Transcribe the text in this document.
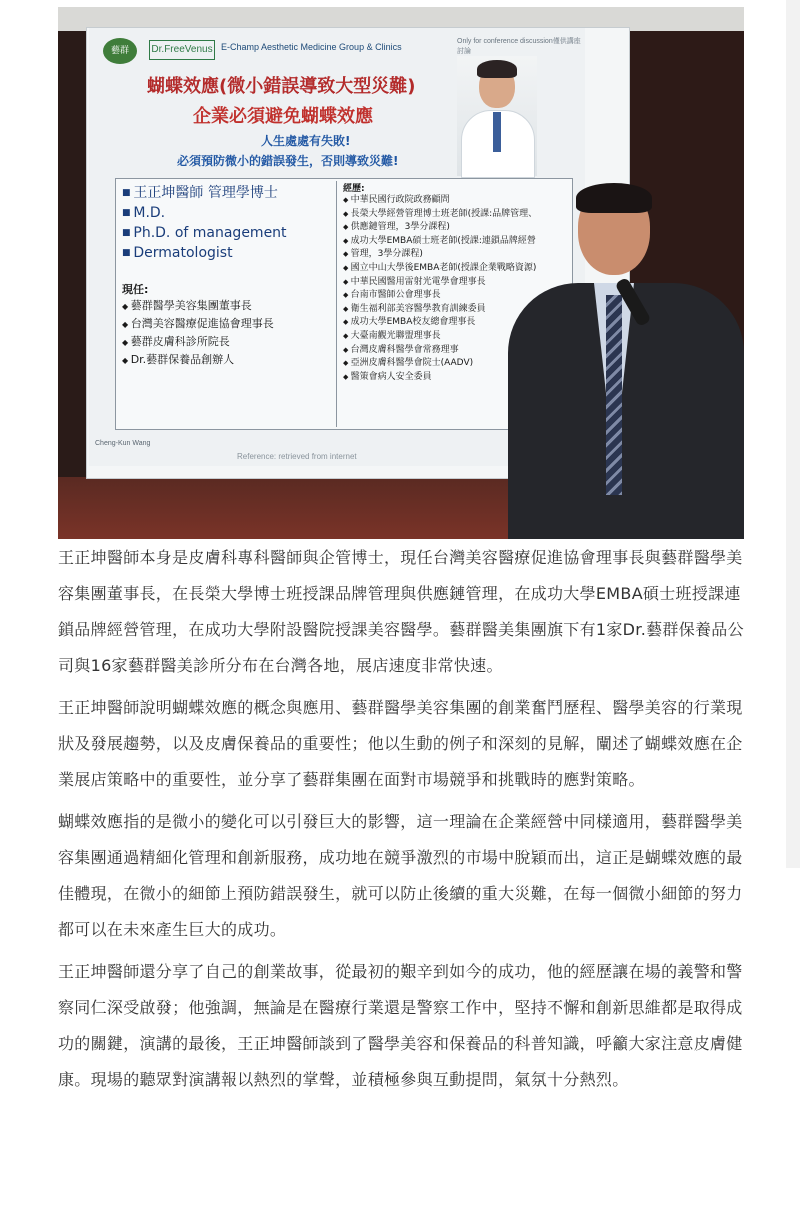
藝群	Dr.FreeVenus E-Champ Aesthetic Medicine Group & Clinics
Only for conference discussion僅供講座討論
蝴蝶效應(微小錯誤導致大型災難)
企業必須避免蝴蝶效應
人生處處有失敗!
必須預防微小的錯誤發生，否則導致災難!
■ 王正坤醫師 管理學博士
■ M.D.
■ Ph.D. of management
■ Dermatologist
現任:
◆ 藝群醫學美容集團董事長
◆ 台灣美容醫療促進協會理事長
◆ 藝群皮膚科診所院長
◆ Dr.藝群保養品創辦人
經歷:
◆ 中華民國行政院政務顧問
◆ 長榮大學經營管理博士班老師(授課:品牌管理、
◆ 供應鏈管理，3學分課程)
◆ 成功大學EMBA碩士班老師(授課:連鎖品牌經營
◆ 管理，3學分課程)
◆ 國立中山大學後EMBA老師(授課企業戰略資源)
◆ 中華民國醫用雷射光電學會理事長
◆ 台南市醫師公會理事長
◆ 衛生福利部美容醫學教育訓練委員
◆ 成功大學EMBA校友總會理事長
◆ 大臺南觀光聯盟理事長
◆ 台灣皮膚科醫學會常務理事
◆ 亞洲皮膚科醫學會院士(AADV)
◆ 醫策會病人安全委員
Cheng-Kun Wang
Reference: retrieved from internet

王正坤醫師本身是皮膚科專科醫師與企管博士，現任台灣美容醫療促進協會理事長與藝群醫學美容集團董事長，在長榮大學博士班授課品牌管理與供應鏈管理，在成功大學EMBA碩士班授課連鎖品牌經營管理，在成功大學附設醫院授課美容醫學。藝群醫美集團旗下有1家Dr.藝群保養品公司與16家藝群醫美診所分布在台灣各地，展店速度非常快速。

王正坤醫師說明蝴蝶效應的概念與應用、藝群醫學美容集團的創業奮鬥歷程、醫學美容的行業現狀及發展趨勢，以及皮膚保養品的重要性；他以生動的例子和深刻的見解，闡述了蝴蝶效應在企業展店策略中的重要性，並分享了藝群集團在面對市場競爭和挑戰時的應對策略。

蝴蝶效應指的是微小的變化可以引發巨大的影響，這一理論在企業經營中同樣適用，藝群醫學美容集團通過精細化管理和創新服務，成功地在競爭激烈的市場中脫穎而出，這正是蝴蝶效應的最佳體現，在微小的細節上預防錯誤發生，就可以防止後續的重大災難，在每一個微小細節的努力都可以在未來產生巨大的成功。

王正坤醫師還分享了自己的創業故事，從最初的艱辛到如今的成功，他的經歷讓在場的義警和警察同仁深受啟發；他強調，無論是在醫療行業還是警察工作中，堅持不懈和創新思維都是取得成功的關鍵，演講的最後，王正坤醫師談到了醫學美容和保養品的科普知識，呼籲大家注意皮膚健康。現場的聽眾對演講報以熱烈的掌聲，並積極參與互動提問，氣氛十分熱烈。
